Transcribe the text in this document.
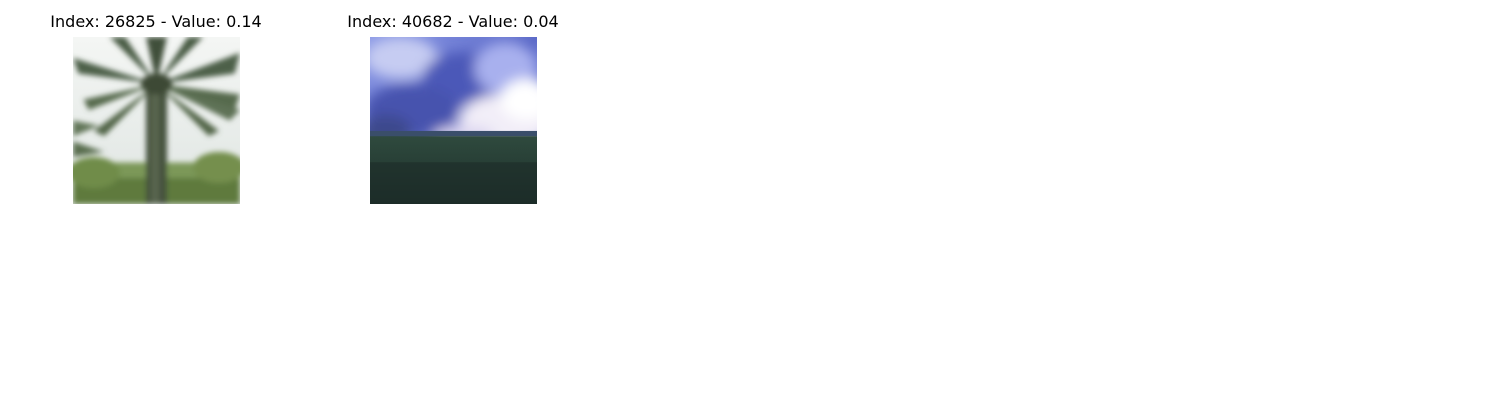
Index: 26825 - Value: 0.14	Index: 40682 - Value: 0.04
